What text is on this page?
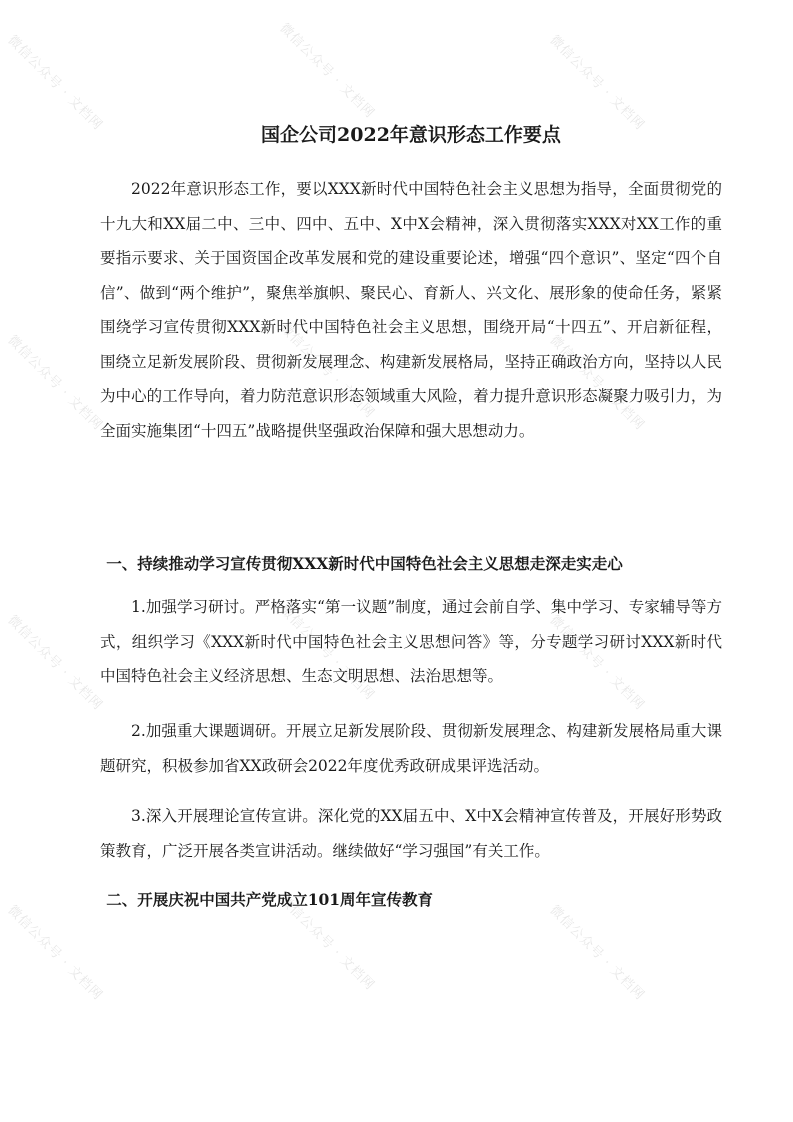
微信公众号 · 文档网	微信公众号 · 文档网	微信公众号 · 文档网
微信公众号 · 文档网	微信公众号 · 文档网	微信公众号 · 文档网
微信公众号 · 文档网	微信公众号 · 文档网	微信公众号 · 文档网
微信公众号 · 文档网	微信公众号 · 文档网	微信公众号 · 文档网
国企公司2022年意识形态工作要点

2022年意识形态工作，要以XXX新时代中国特色社会主义思想为指导，全面贯彻党的十九大和XX届二中、三中、四中、五中、X中X会精神，深入贯彻落实XXX对XX工作的重要指示要求、关于国资国企改革发展和党的建设重要论述，增强“四个意识”、坚定“四个自信”、做到“两个维护”，聚焦举旗帜、聚民心、育新人、兴文化、展形象的使命任务，紧紧围绕学习宣传贯彻XXX新时代中国特色社会主义思想，围绕开局“十四五”、开启新征程，围绕立足新发展阶段、贯彻新发展理念、构建新发展格局，坚持正确政治方向，坚持以人民为中心的工作导向，着力防范意识形态领域重大风险，着力提升意识形态凝聚力吸引力，为全面实施集团“十四五”战略提供坚强政治保障和强大思想动力。

一、持续推动学习宣传贯彻XXX新时代中国特色社会主义思想走深走实走心

1.加强学习研讨。严格落实“第一议题”制度，通过会前自学、集中学习、专家辅导等方式，组织学习《XXX新时代中国特色社会主义思想问答》等，分专题学习研讨XXX新时代中国特色社会主义经济思想、生态文明思想、法治思想等。

2.加强重大课题调研。开展立足新发展阶段、贯彻新发展理念、构建新发展格局重大课题研究，积极参加省XX政研会2022年度优秀政研成果评选活动。

3.深入开展理论宣传宣讲。深化党的XX届五中、X中X会精神宣传普及，开展好形势政策教育，广泛开展各类宣讲活动。继续做好“学习强国”有关工作。

二、开展庆祝中国共产党成立101周年宣传教育
